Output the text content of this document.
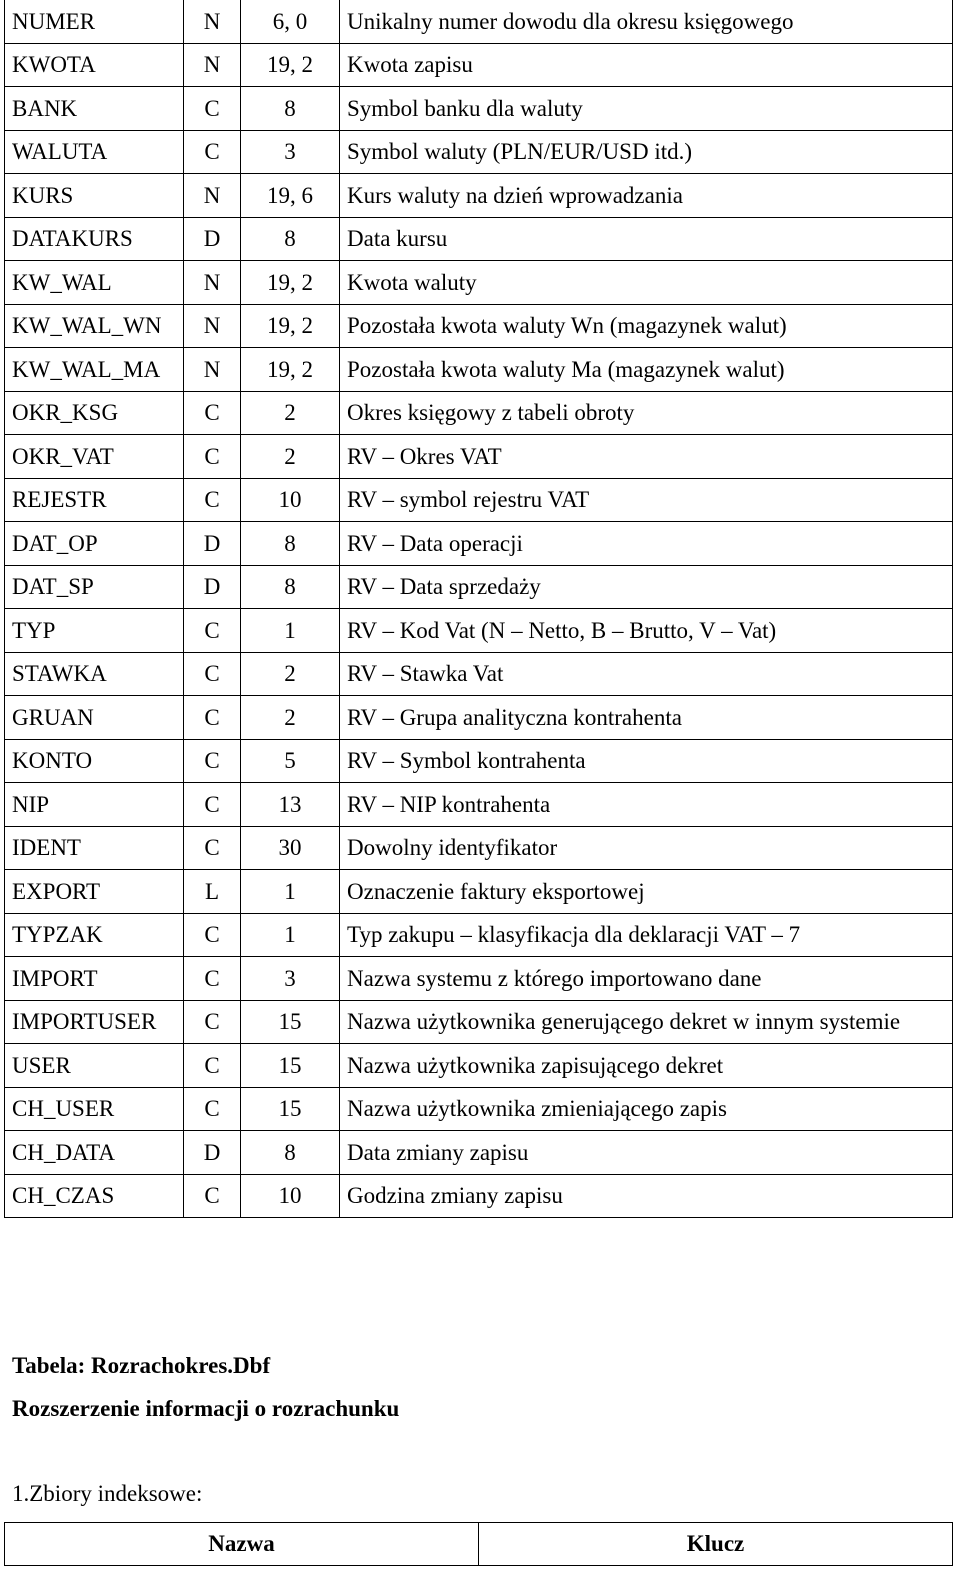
NUMER	N	6, 0	Unikalny numer dowodu dla okresu księgowego
KWOTA	N	19, 2	Kwota zapisu
BANK	C	8	Symbol banku dla waluty
WALUTA	C	3	Symbol waluty (PLN/EUR/USD itd.)
KURS	N	19, 6	Kurs waluty na dzień wprowadzania
DATAKURS	D	8	Data kursu
KW_WAL	N	19, 2	Kwota waluty
KW_WAL_WN	N	19, 2	Pozostała kwota waluty Wn (magazynek walut)
KW_WAL_MA	N	19, 2	Pozostała kwota waluty Ma (magazynek walut)
OKR_KSG	C	2	Okres księgowy z tabeli obroty
OKR_VAT	C	2	RV – Okres VAT
REJESTR	C	10	RV – symbol rejestru VAT
DAT_OP	D	8	RV – Data operacji
DAT_SP	D	8	RV – Data sprzedaży
TYP	C	1	RV – Kod Vat (N – Netto, B – Brutto, V – Vat)
STAWKA	C	2	RV – Stawka Vat
GRUAN	C	2	RV – Grupa analityczna kontrahenta
KONTO	C	5	RV – Symbol kontrahenta
NIP	C	13	RV – NIP kontrahenta
IDENT	C	30	Dowolny identyfikator
EXPORT	L	1	Oznaczenie faktury eksportowej
TYPZAK	C	1	Typ zakupu – klasyfikacja dla deklaracji VAT – 7
IMPORT	C	3	Nazwa systemu z którego importowano dane
IMPORTUSER	C	15	Nazwa użytkownika generującego dekret w innym systemie
USER	C	15	Nazwa użytkownika zapisującego dekret
CH_USER	C	15	Nazwa użytkownika zmieniającego zapis
CH_DATA	D	8	Data zmiany zapisu
CH_CZAS	C	10	Godzina zmiany zapisu
Tabela: Rozrachokres.Dbf
Rozszerzenie informacji o rozrachunku
1.Zbiory indeksowe:
Nazwa	Klucz
